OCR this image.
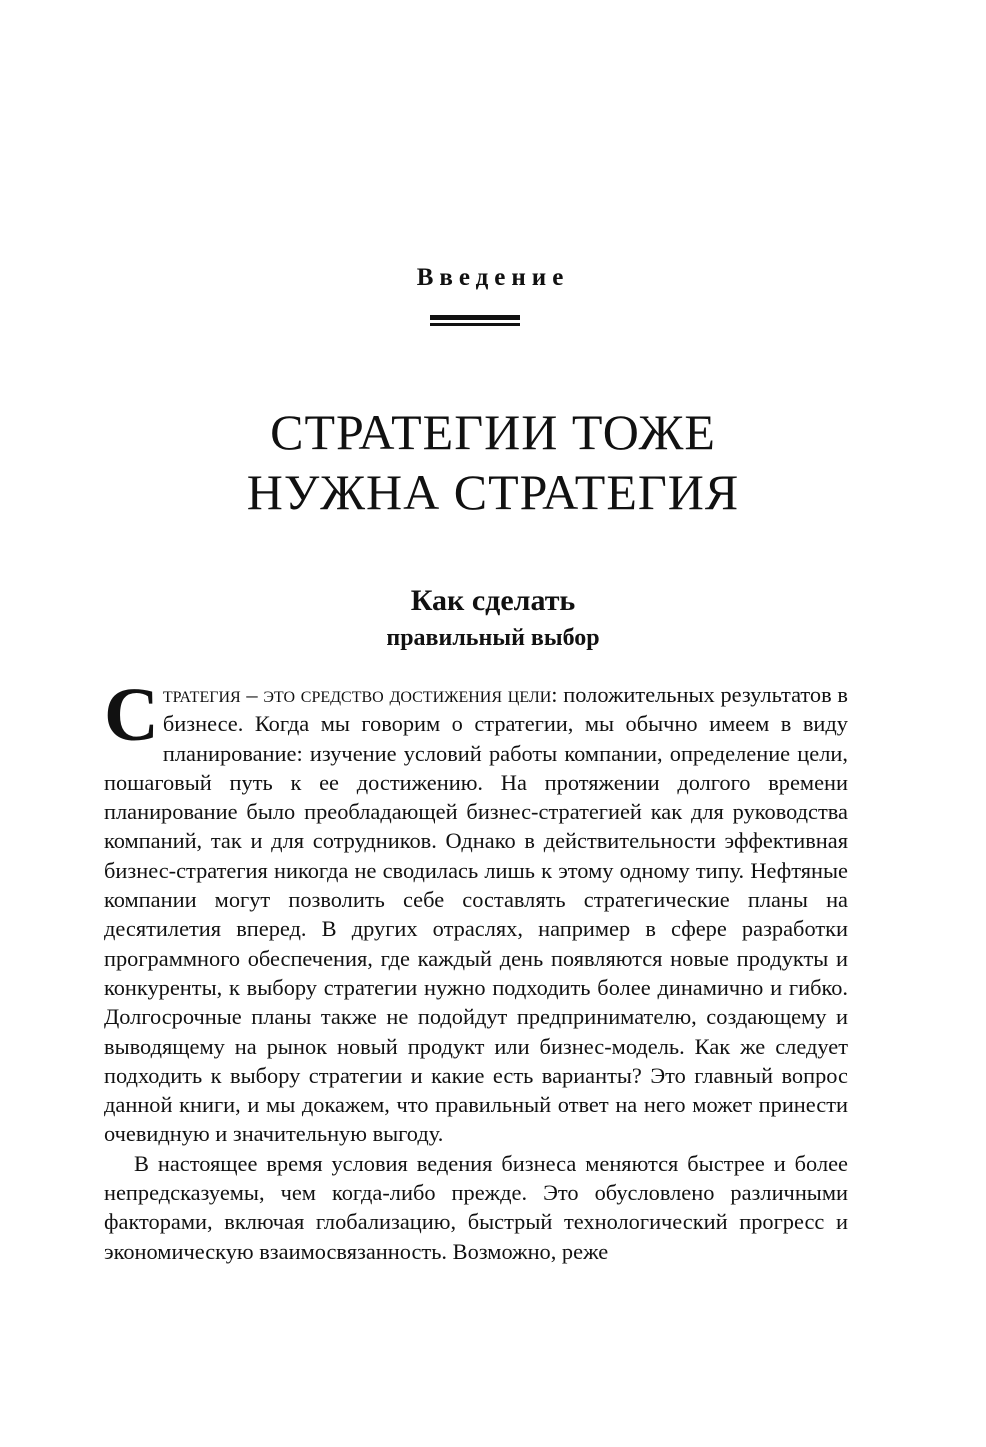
Введение
СТРАТЕГИИ ТОЖЕ
НУЖНА СТРАТЕГИЯ
Как сделать
правильный выбор

Стратегия – это средство достижения цели: положительных результатов в бизнесе. Когда мы говорим о стратегии, мы обычно имеем в виду планирование: изучение условий работы компании, определение цели, пошаговый путь к ее достижению. На протяжении долгого времени планирование было преобладающей бизнес-стратегией как для руководства компаний, так и для сотрудников. Однако в действительности эффективная бизнес-стратегия никогда не сводилась лишь к этому одному типу. Нефтяные компании могут позволить себе составлять стратегические планы на десятилетия вперед. В других отраслях, например в сфере разработки программного обеспечения, где каждый день появляются новые продукты и конкуренты, к выбору стратегии нужно подходить более динамично и гибко. Долгосрочные планы также не подойдут предпринимателю, создающему и выводящему на рынок новый продукт или бизнес-модель. Как же следует подходить к выбору стратегии и какие есть варианты? Это главный вопрос данной книги, и мы докажем, что правильный ответ на него может принести очевидную и значительную выгоду.

В настоящее время условия ведения бизнеса меняются быстрее и более непредсказуемы, чем когда-либо прежде. Это обусловлено различными факторами, включая глобализацию, быстрый технологический прогресс и экономическую взаимосвязанность. Возможно, реже
